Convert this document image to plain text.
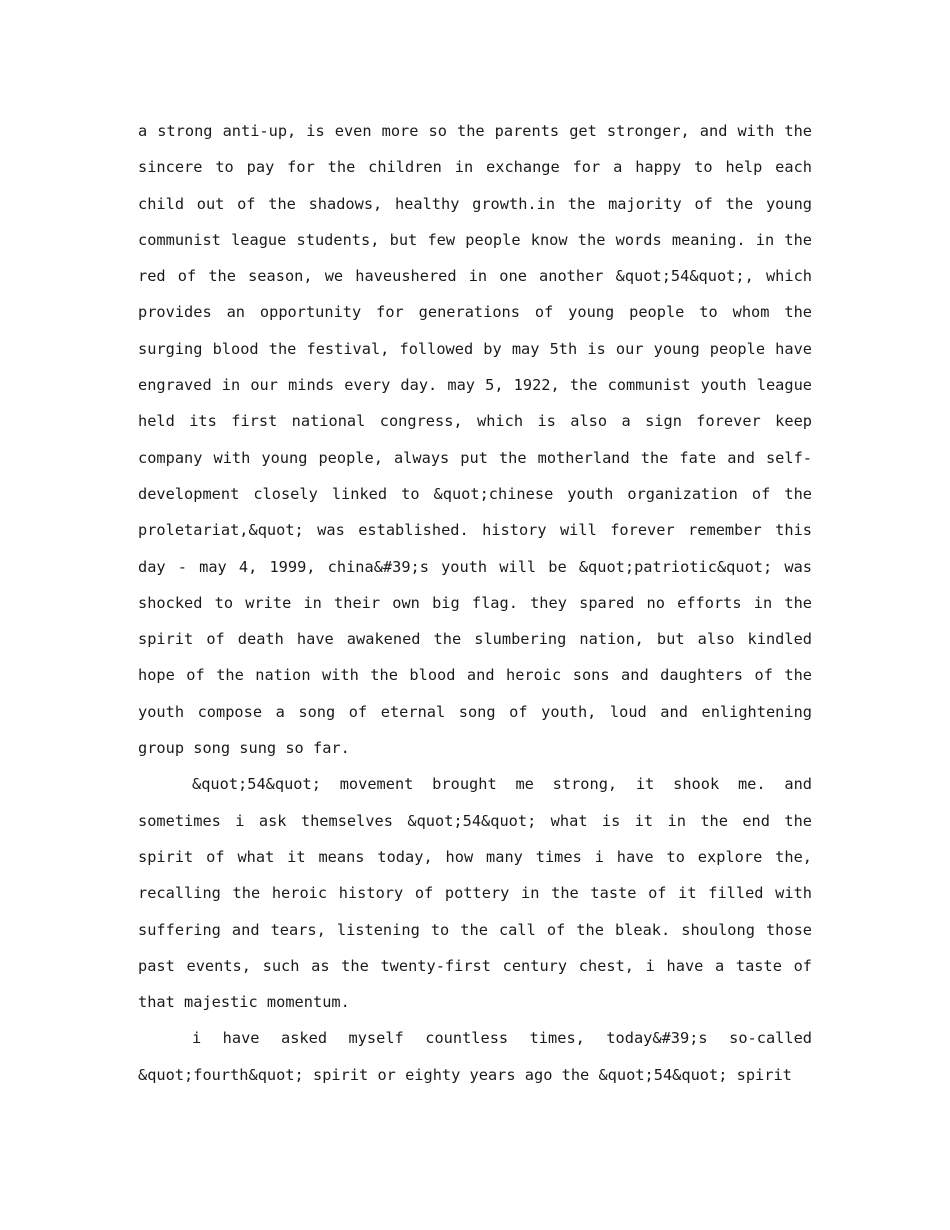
a strong anti-up, is even more so the parents get stronger, and with the sincere to pay for the children in exchange for a happy to help each child out of the shadows, healthy growth.in the majority of the young communist league students, but few people know the words meaning. in the red of the season, we haveushered in one another &quot;54&quot;, which provides an opportunity for generations of young people to whom the surging blood the festival, followed by may 5th is our young people have engraved in our minds every day. may 5, 1922, the communist youth league held its first national congress, which is also a sign forever keep company with young people, always put the motherland the fate and self-development closely linked to &quot;chinese youth organization of the proletariat,&quot; was established. history will forever remember this day - may 4, 1999, china&#39;s youth will be &quot;patriotic&quot; was shocked to write in their own big flag. they spared no efforts in the spirit of death have awakened the slumbering nation, but also kindled hope of the nation with the blood and heroic sons and daughters of the youth compose a song of eternal song of youth, loud and enlightening group song sung so far.

&quot;54&quot; movement brought me strong, it shook me. and sometimes i ask themselves &quot;54&quot; what is it in the end the spirit of what it means today, how many times i have to explore the, recalling the heroic history of pottery in the taste of it filled with suffering and tears, listening to the call of the bleak. shoulong those past events, such as the twenty-first century chest, i have a taste of that majestic momentum.

i have asked myself countless times, today&#39;s so-called &quot;fourth&quot; spirit or eighty years ago the &quot;54&quot; spirit
